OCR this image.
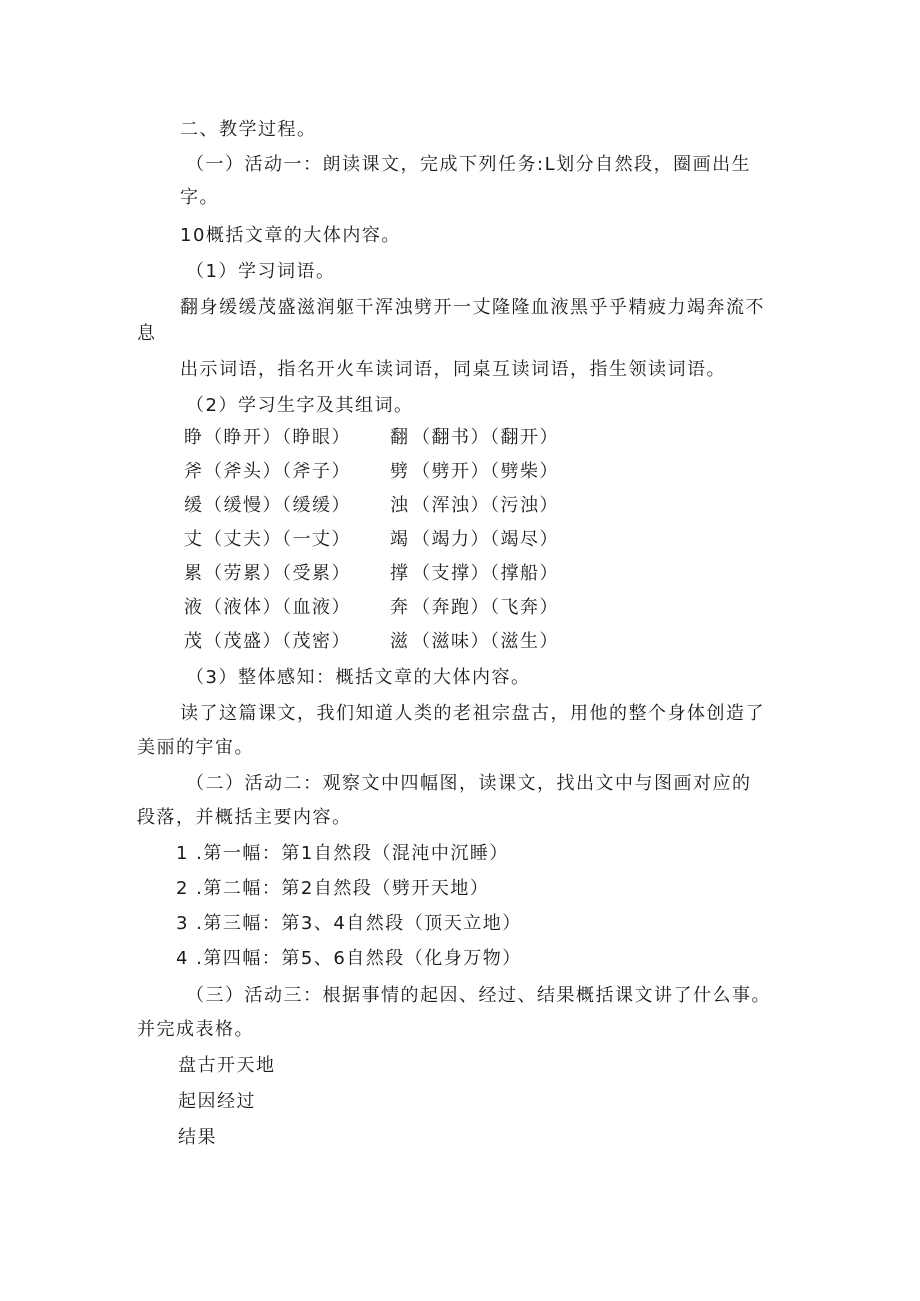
二、教学过程。
（一）活动一：朗读课文，完成下列任务:L划分自然段，圈画出生
字。
10概括文章的大体内容。
（1）学习词语。
翻身缓缓茂盛滋润躯干浑浊劈开一丈隆隆血液黑乎乎精疲力竭奔流不
息
出示词语，指名开火车读词语，同桌互读词语，指生领读词语。
（2）学习生字及其组词。
睁 （睁开）（睁眼） 翻 （翻书）（翻开）
斧 （斧头）（斧子） 劈 （劈开）（劈柴）
缓 （缓慢）（缓缓） 浊 （浑浊）（污浊）
丈 （丈夫）（一丈） 竭 （竭力）（竭尽）
累 （劳累）（受累） 撑 （支撑）（撑船）
液 （液体）（血液） 奔 （奔跑）（飞奔）
茂 （茂盛）（茂密） 滋 （滋味）（滋生）
（3）整体感知：概括文章的大体内容。
读了这篇课文，我们知道人类的老祖宗盘古，用他的整个身体创造了
美丽的宇宙。
（二）活动二：观察文中四幅图，读课文，找出文中与图画对应的
段落，并概括主要内容。
1 .第一幅：第1自然段（混沌中沉睡）
2 .第二幅：第2自然段（劈开天地）
3 .第三幅：第3、4自然段（顶天立地）
4 .第四幅：第5、6自然段（化身万物）
（三）活动三：根据事情的起因、经过、结果概括课文讲了什么事。
并完成表格。
盘古开天地
起因经过
结果
